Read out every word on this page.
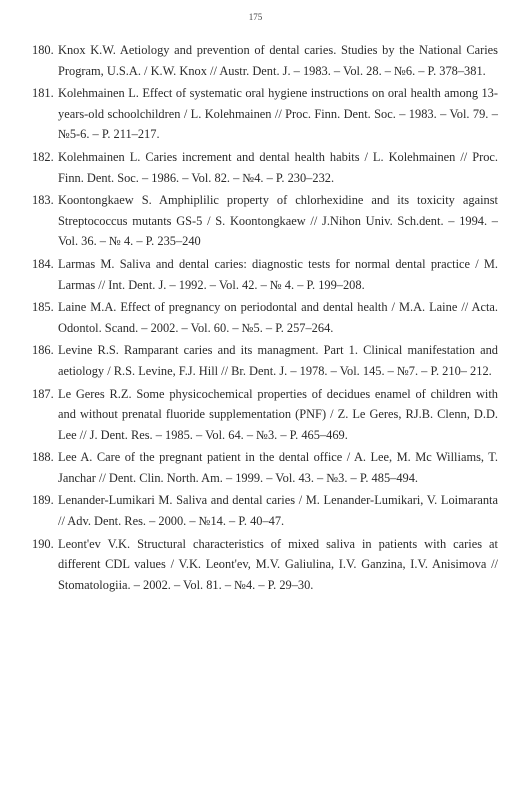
175
180. Knox K.W. Aetiology and prevention of dental caries. Studies by the National Caries Program, U.S.A. / K.W. Knox // Austr. Dent. J. – 1983. – Vol. 28. – №6. – P. 378–381.
181. Kolehmainen L. Effect of systematic oral hygiene instructions on oral health among 13-years-old schoolchildren / L. Kolehmainen // Proc. Finn. Dent. Soc. – 1983. – Vol. 79. – №5-6. – P. 211–217.
182. Kolehmainen L. Caries increment and dental health habits / L. Kolehmainen // Proc. Finn. Dent. Soc. – 1986. – Vol. 82. – №4. – P. 230–232.
183. Koontongkaew S. Amphiplilic property of chlorhexidine and its toxicity against Streptococcus mutants GS-5 / S. Koontongkaew // J.Nihon Univ. Sch.dent. – 1994. – Vol. 36. – № 4. – P. 235–240
184. Larmas M. Saliva and dental caries: diagnostic tests for normal dental practice / M. Larmas // Int. Dent. J. – 1992. – Vol. 42. – № 4. – P. 199–208.
185. Laine M.A. Effect of pregnancy on periodontal and dental health / M.A. Laine // Acta. Odontol. Scand. – 2002. – Vol. 60. – №5. – P. 257–264.
186. Levine R.S. Ramparant caries and its managment. Part 1. Clinical manifestation and aetiology / R.S. Levine, F.J. Hill // Br. Dent. J. – 1978. – Vol. 145. – №7. – P. 210– 212.
187. Le Geres R.Z. Some physicochemical properties of decidues enamel of children with and without prenatal fluoride supplementation (PNF) / Z. Le Geres, RJ.B. Clenn, D.D. Lee // J. Dent. Res. – 1985. – Vol. 64. – №3. – P. 465–469.
188. Lee A. Care of the pregnant patient in the dental office / A. Lee, M. Mc Williams, T. Janchar // Dent. Clin. North. Am. – 1999. – Vol. 43. – №3. – P. 485–494.
189. Lenander-Lumikari M. Saliva and dental caries / M. Lenander-Lumikari, V. Loimaranta // Adv. Dent. Res. – 2000. – №14. – P. 40–47.
190. Leont'ev V.K. Structural characteristics of mixed saliva in patients with caries at different CDL values / V.K. Leont'ev, M.V. Galiulina, I.V. Ganzina, I.V. Anisimova // Stomatologiia. – 2002. – Vol. 81. – №4. – P. 29–30.
